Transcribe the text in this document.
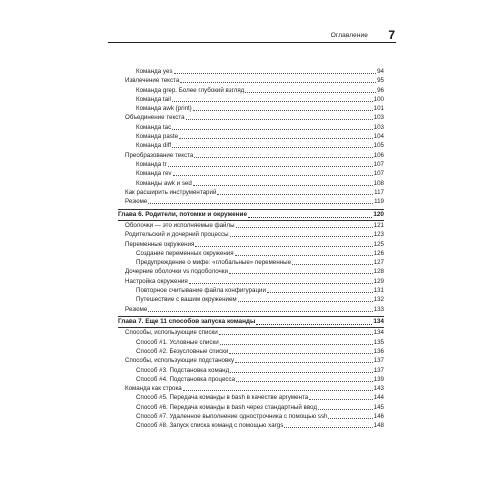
Оглавление 7
Команда yes	94
Извлечение текста	95
Команда grep. Более глубокий взгляд	96
Команда tail	100
Команда awk {print}	101
Объединение текста	103
Команда tac	103
Команда paste	104
Команда diff	105
Преобразование текста	106
Команда tr	107
Команда rev	107
Команды awk и sed	108
Как расширить инструментарий	117
Резюме	119
Глава 6. Родители, потомки и окружение	120
Оболочки — это исполняемые файлы	121
Родительский и дочерний процессы	123
Переменные окружения	125
Создание переменных окружения	126
Предупреждение о мифе: «глобальные» переменные	127
Дочерние оболочки vs подоболочки	128
Настройка окружения	129
Повторное считывание файла конфигурации	131
Путешествие с вашим окружением	132
Резюме	133
Глава 7. Еще 11 способов запуска команды	134
Способы, использующие списки	134
Способ #1. Условные списки	135
Способ #2. Безусловные списки	136
Способы, использующие подстановку	137
Способ #3. Подстановка команд	137
Способ #4. Подстановка процесса	139
Команда как строка	143
Способ #5. Передача команды в bash в качестве аргумента	144
Способ #6. Передача команды в bash через стандартный ввод	145
Способ #7. Удаленное выполнение однострочника с помощью ssh	146
Способ #8. Запуск списка команд с помощью xargs	148
